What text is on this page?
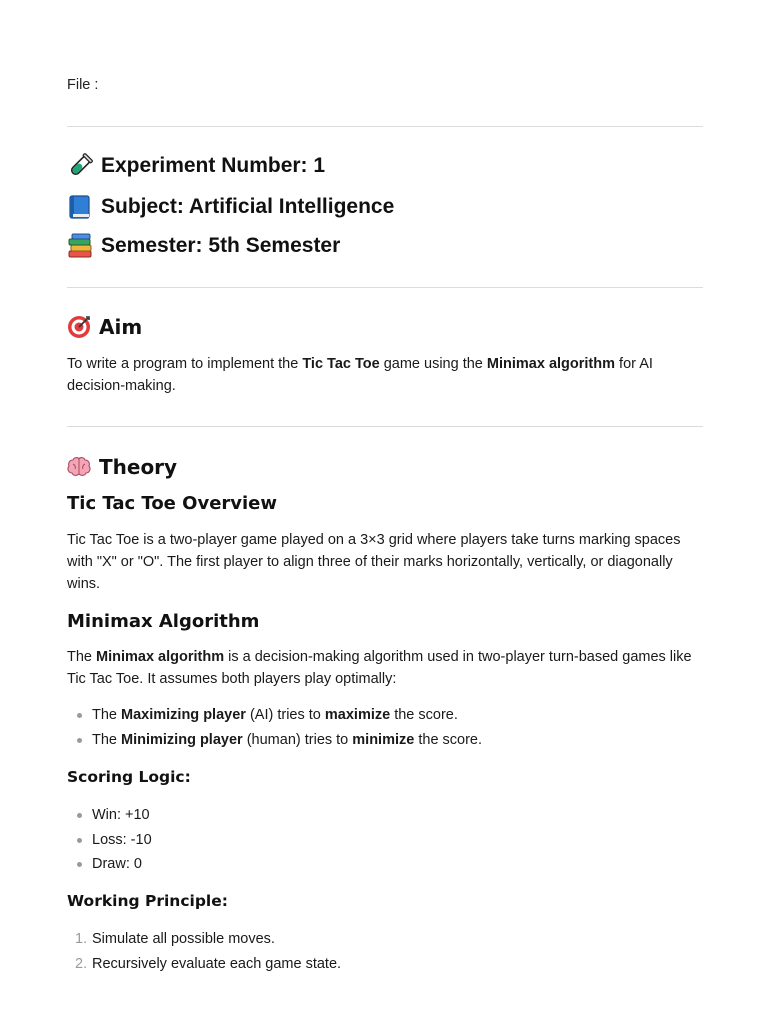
File :
Experiment Number: 1
Subject: Artificial Intelligence
Semester: 5th Semester
Aim
To write a program to implement the Tic Tac Toe game using the Minimax algorithm for AI decision-making.
Theory
Tic Tac Toe Overview
Tic Tac Toe is a two-player game played on a 3×3 grid where players take turns marking spaces with "X" or "O". The first player to align three of their marks horizontally, vertically, or diagonally wins.
Minimax Algorithm
The Minimax algorithm is a decision-making algorithm used in two-player turn-based games like Tic Tac Toe. It assumes both players play optimally:
The Maximizing player (AI) tries to maximize the score.
The Minimizing player (human) tries to minimize the score.
Scoring Logic:
Win: +10
Loss: -10
Draw: 0
Working Principle:
1. Simulate all possible moves.
2. Recursively evaluate each game state.
